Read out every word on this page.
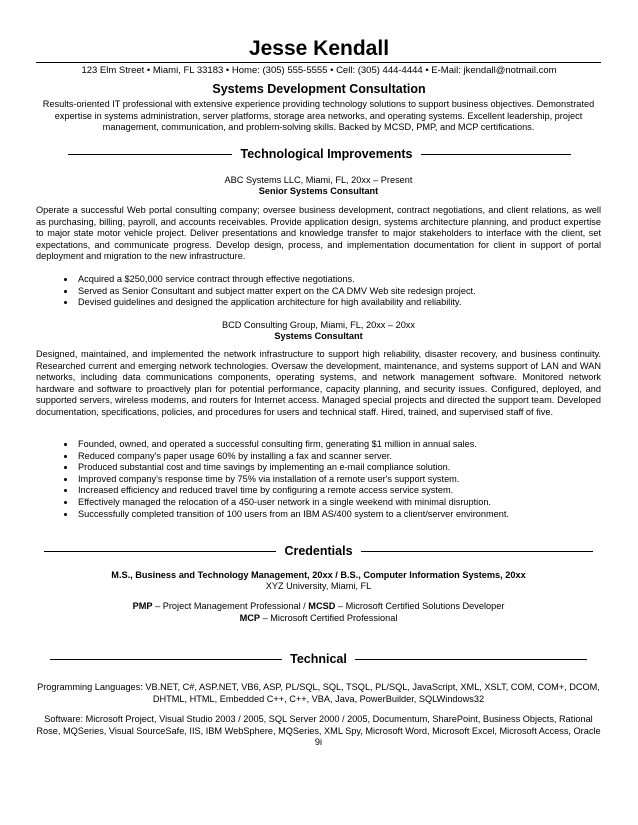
Jesse Kendall
123 Elm Street • Miami, FL 33183 • Home: (305) 555-5555 • Cell: (305) 444-4444 • E-Mail: jkendall@notmail.com
Systems Development Consultation
Results-oriented IT professional with extensive experience providing technology solutions to support business objectives. Demonstrated expertise in systems administration, server platforms, storage area networks, and operating systems. Excellent leadership, project management, communication, and problem-solving skills. Backed by MCSD, PMP, and MCP certifications.
Technological Improvements
ABC Systems LLC, Miami, FL, 20xx – Present
Senior Systems Consultant
Operate a successful Web portal consulting company; oversee business development, contract negotiations, and client relations, as well as purchasing, billing, payroll, and accounts receivables. Provide application design, systems architecture planning, and product expertise to major state motor vehicle project. Deliver presentations and knowledge transfer to major stakeholders to interface with the client, set expectations, and communicate progress. Develop design, process, and implementation documentation for client in support of portal deployment and migration to the new infrastructure.
• Acquired a $250,000 service contract through effective negotiations.
• Served as Senior Consultant and subject matter expert on the CA DMV Web site redesign project.
• Devised guidelines and designed the application architecture for high availability and reliability.
BCD Consulting Group, Miami, FL, 20xx – 20xx
Systems Consultant
Designed, maintained, and implemented the network infrastructure to support high reliability, disaster recovery, and business continuity. Researched current and emerging network technologies. Oversaw the development, maintenance, and systems support of LAN and WAN networks, including data communications components, operating systems, and network management software. Monitored network hardware and software to proactively plan for potential performance, capacity planning, and security issues. Configured, deployed, and supported servers, wireless modems, and routers for Internet access. Managed special projects and directed the support team. Developed documentation, specifications, policies, and procedures for users and technical staff. Hired, trained, and supervised staff of five.
• Founded, owned, and operated a successful consulting firm, generating $1 million in annual sales.
• Reduced company's paper usage 60% by installing a fax and scanner server.
• Produced substantial cost and time savings by implementing an e-mail compliance solution.
• Improved company's response time by 75% via installation of a remote user's support system.
• Increased efficiency and reduced travel time by configuring a remote access service system.
• Effectively managed the relocation of a 450-user network in a single weekend with minimal disruption.
• Successfully completed transition of 100 users from an IBM AS/400 system to a client/server environment.
Credentials
M.S., Business and Technology Management, 20xx / B.S., Computer Information Systems, 20xx
XYZ University, Miami, FL
PMP – Project Management Professional / MCSD – Microsoft Certified Solutions Developer
MCP – Microsoft Certified Professional
Technical
Programming Languages: VB.NET, C#, ASP.NET, VB6, ASP, PL/SQL, SQL, TSQL, PL/SQL, JavaScript, XML, XSLT, COM, COM+, DCOM, DHTML, HTML, Embedded C++, C++, VBA, Java, PowerBuilder, SQLWindows32
Software: Microsoft Project, Visual Studio 2003 / 2005, SQL Server 2000 / 2005, Documentum, SharePoint, Business Objects, Rational Rose, MQSeries, Visual SourceSafe, IIS, IBM WebSphere, MQSeries, XML Spy, Microsoft Word, Microsoft Excel, Microsoft Access, Oracle 9i
